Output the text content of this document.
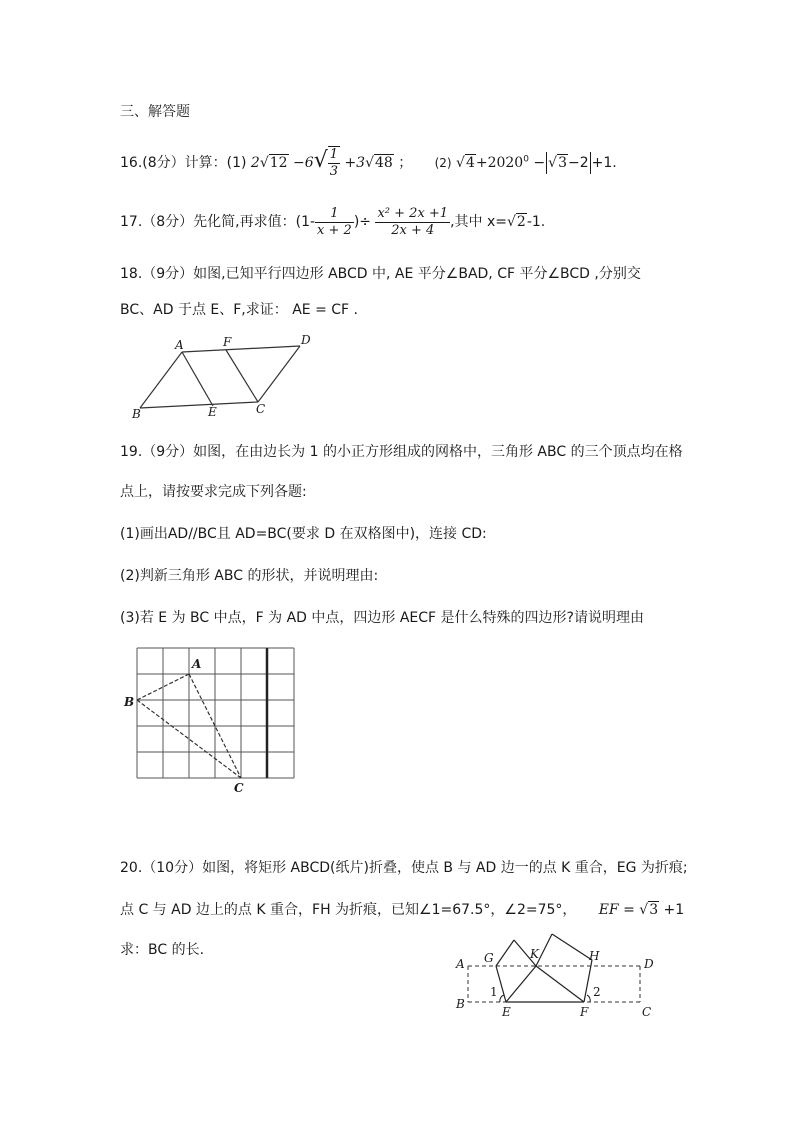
三、解答题
16.(8分）计算：(1) $2√12 -6√ \frac{1}{3} +3√48$ ； (2) $√4+2020^0 - √3-2 +1$.
17.（8分）先化简,再求值：($1- \frac{1}{x + 2}$ )÷ $\frac{\text{x² + 2x +1}}{2x + 4}$ ,其中 x=√2-1.
18.（9分）如图,已知平行四边形 ABCD 中, AE 平分∠BAD, CF 平分∠BCD ,分别交
BC、AD 于点 E、F,求证： AE = CF .
A	F	D
B	E	C
19.（9分）如图，在由边长为 1 的小正方形组成的网格中，三角形 ABC 的三个顶点均在格
点上，请按要求完成下列各题:
(1)画出AD//BC且 AD=BC(要求 D 在双格图中)，连接 CD:
(2)判新三角形 ABC 的形状，并说明理由:
(3)若 E 为 BC 中点，F 为 AD 中点，四边形 AECF 是什么特殊的四边形?请说明理由
A
B
C
20.（10分）如图，将矩形 ABCD(纸片)折叠，使点 B 与 AD 边一的点 K 重合，EG 为折痕;
点 C 与 AD 边上的点 K 重合，FH 为折痕，已知∠1=67.5°，∠2=75°， EF = √3 +1
求：BC 的长.
A G	K	H
D
B
E	F	C
1	2
